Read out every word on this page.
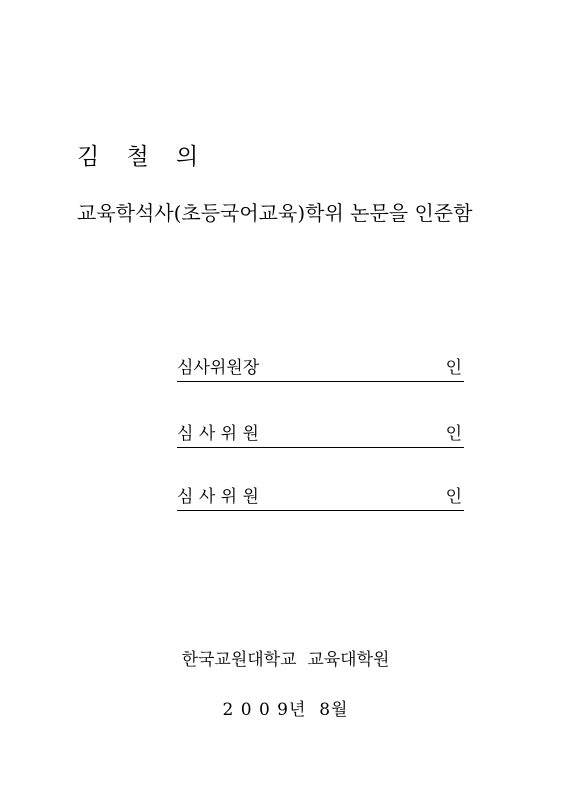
김 철 의
교육학석사(초등국어교육)학위 논문을 인준함
심사위원장	인
심 사 위 원	인
심 사 위 원	인
한국교원대학교  교육대학원
2 0 0 9년  8월
